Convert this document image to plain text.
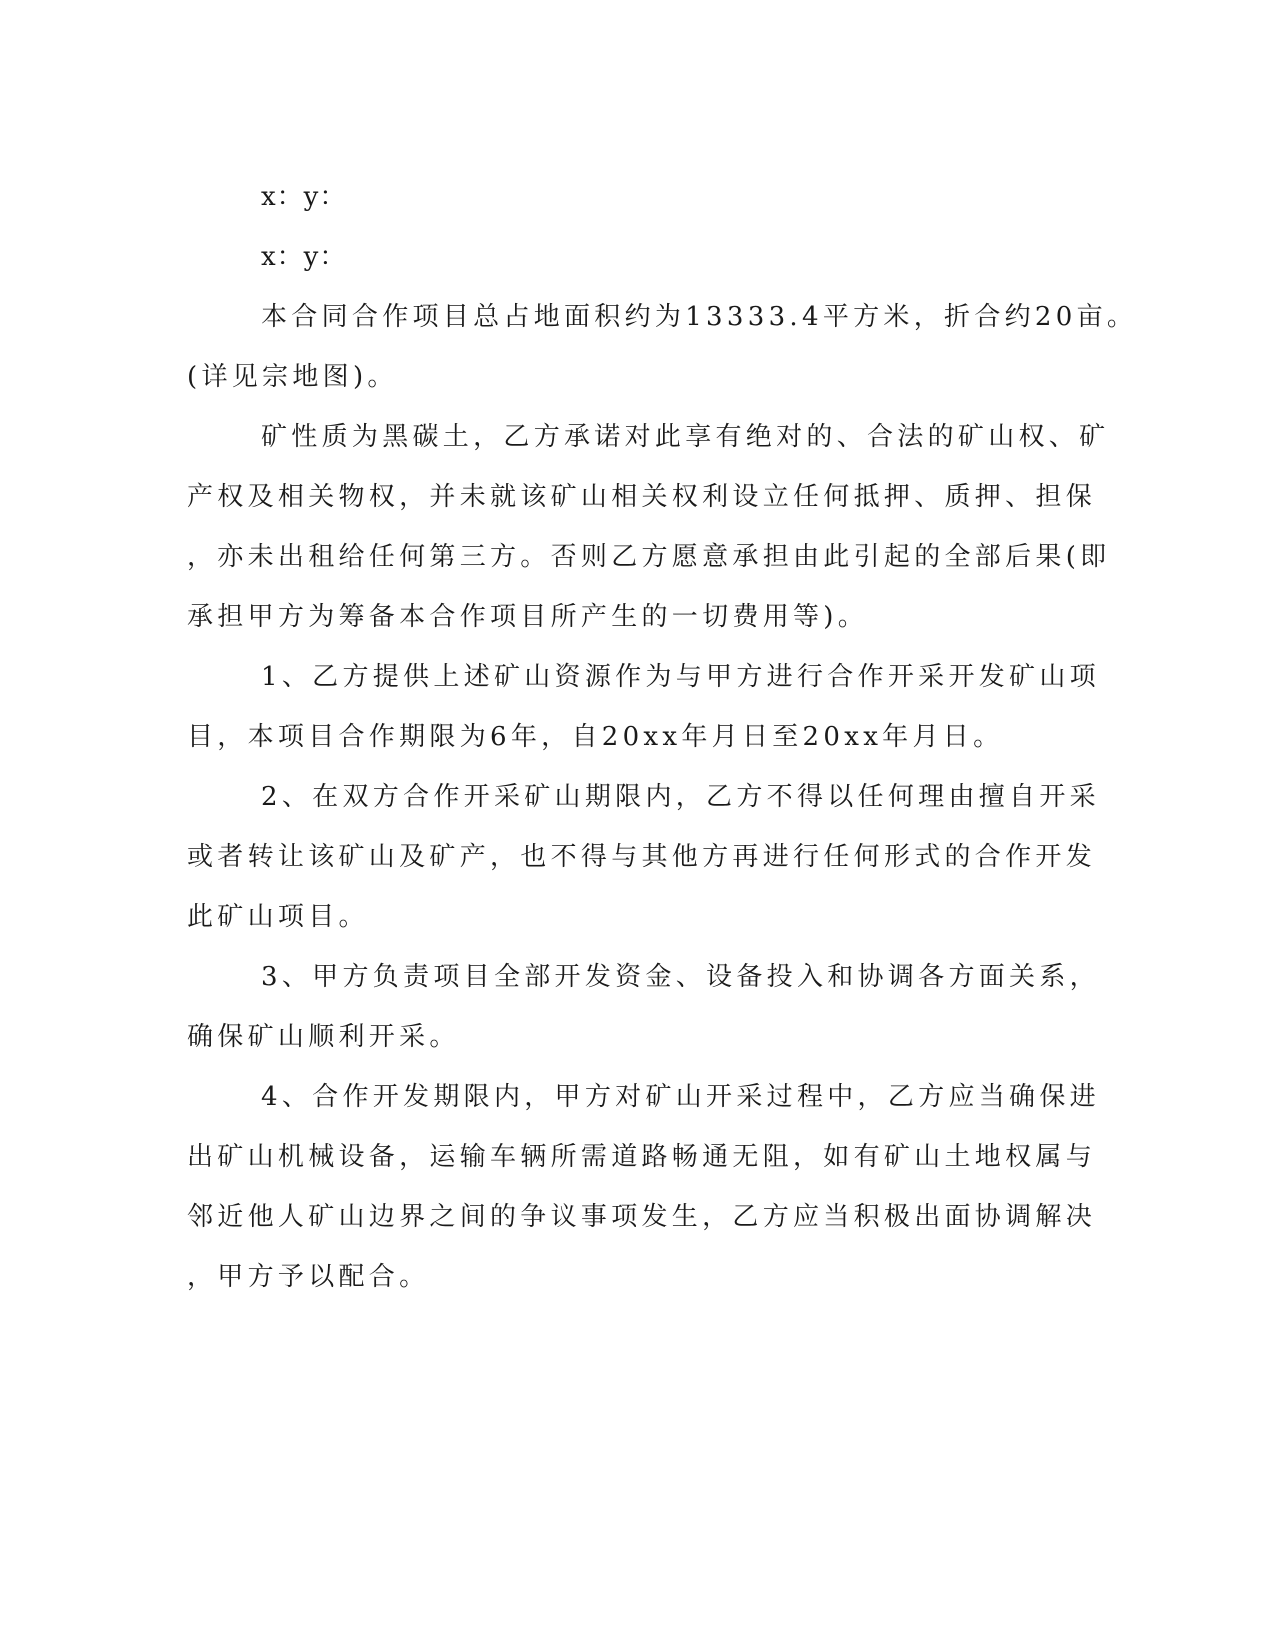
x：y：
x：y：
本合同合作项目总占地面积约为13333.4平方米，折合约20亩。
(详见宗地图)。
矿性质为黑碳土，乙方承诺对此享有绝对的、合法的矿山权、矿
产权及相关物权，并未就该矿山相关权利设立任何抵押、质押、担保
，亦未出租给任何第三方。否则乙方愿意承担由此引起的全部后果(即
承担甲方为筹备本合作项目所产生的一切费用等)。
1、乙方提供上述矿山资源作为与甲方进行合作开采开发矿山项
目，本项目合作期限为6年，自20xx年月日至20xx年月日。
2、在双方合作开采矿山期限内，乙方不得以任何理由擅自开采
或者转让该矿山及矿产，也不得与其他方再进行任何形式的合作开发
此矿山项目。
3、甲方负责项目全部开发资金、设备投入和协调各方面关系，
确保矿山顺利开采。
4、合作开发期限内，甲方对矿山开采过程中，乙方应当确保进
出矿山机械设备，运输车辆所需道路畅通无阻，如有矿山土地权属与
邻近他人矿山边界之间的争议事项发生，乙方应当积极出面协调解决
，甲方予以配合。
